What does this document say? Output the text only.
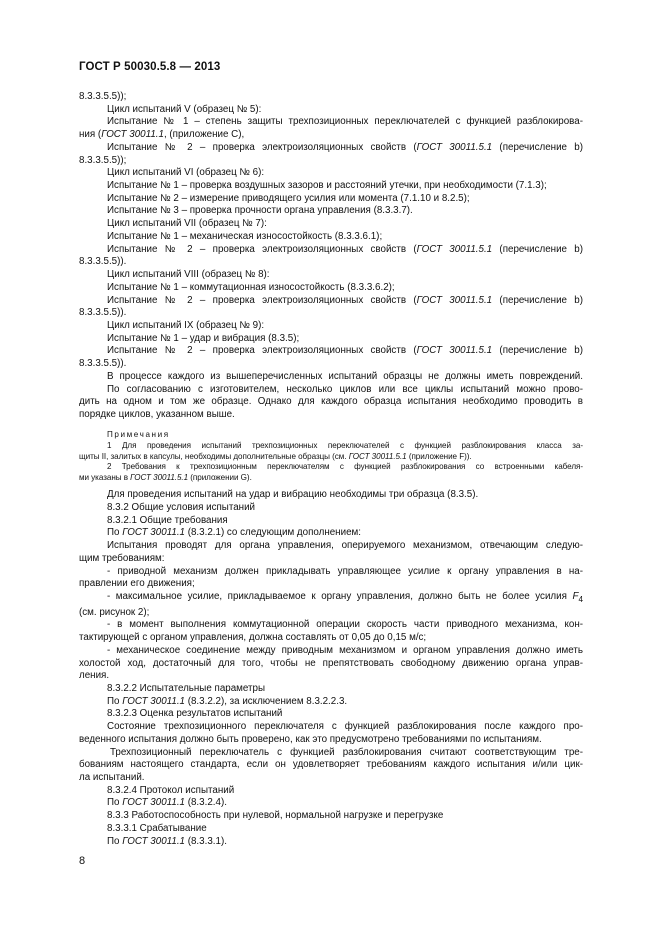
ГОСТ Р 50030.5.8 — 2013

8.3.3.5.5));

Цикл испытаний V (образец № 5):

Испытание № 1 – степень защиты трехпозиционных переключателей с функцией разблокирова-

ния (ГОСТ 30011.1, (приложение C),

Испытание № 2 – проверка электроизоляционных свойств (ГОСТ 30011.5.1 (перечисление b)

8.3.3.5.5));

Цикл испытаний VI (образец № 6):

Испытание № 1 – проверка воздушных зазоров и расстояний утечки, при необходимости (7.1.3);

Испытание № 2 – измерение приводящего усилия или момента (7.1.10 и 8.2.5);

Испытание № 3 – проверка прочности органа управления (8.3.3.7).

Цикл испытаний VII (образец № 7):

Испытание № 1 – механическая износостойкость (8.3.3.6.1);

Испытание № 2 – проверка электроизоляционных свойств (ГОСТ 30011.5.1 (перечисление b)

8.3.3.5.5)).

Цикл испытаний VIII (образец № 8):

Испытание № 1 – коммутационная износостойкость (8.3.3.6.2);

Испытание № 2 – проверка электроизоляционных свойств (ГОСТ 30011.5.1 (перечисление b)

8.3.3.5.5)).

Цикл испытаний IX (образец № 9):

Испытание № 1 – удар и вибрация (8.3.5);

Испытание № 2 – проверка электроизоляционных свойств (ГОСТ 30011.5.1 (перечисление b)

8.3.3.5.5)).

В процессе каждого из вышеперечисленных испытаний образцы не должны иметь повреждений.

По согласованию с изготовителем, несколько циклов или все циклы испытаний можно прово-

дить на одном и том же образце. Однако для каждого образца испытания необходимо проводить в

порядке циклов, указанном выше.

Примечания

1 Для проведения испытаний трехпозиционных переключателей с функцией разблокирования класса за-

щиты II, залитых в капсулы, необходимы дополнительные образцы (см. ГОСТ 30011.5.1 (приложение F)).

2 Требования к трехпозиционным переключателям с функцией разблокирования со встроенными кабеля-

ми указаны в ГОСТ 30011.5.1 (приложении G).

Для проведения испытаний на удар и вибрацию необходимы три образца (8.3.5).

8.3.2 Общие условия испытаний

8.3.2.1 Общие требования

По ГОСТ 30011.1 (8.3.2.1) со следующим дополнением:

Испытания проводят для органа управления, оперируемого механизмом, отвечающим следую-

щим требованиям:

- приводной механизм должен прикладывать управляющее усилие к органу управления в на-

правлении его движения;

- максимальное усилие, прикладываемое к органу управления, должно быть не более усилия $F_4$

(см. рисунок 2);

- в момент выполнения коммутационной операции скорость части приводного механизма, кон-

тактирующей с органом управления, должна составлять от 0,05 до 0,15 м/с;

- механическое соединение между приводным механизмом и органом управления должно иметь

холостой ход, достаточный для того, чтобы не препятствовать свободному движению органа управ-

ления.

8.3.2.2 Испытательные параметры

По ГОСТ 30011.1 (8.3.2.2), за исключением 8.3.2.2.3.

8.3.2.3 Оценка результатов испытаний

Состояние трехпозиционного переключателя с функцией разблокирования после каждого про-

веденного испытания должно быть проверено, как это предусмотрено требованиями по испытаниям.

Трехпозиционный переключатель с функцией разблокирования считают соответствующим тре-

бованиям настоящего стандарта, если он удовлетворяет требованиям каждого испытания и/или цик-

ла испытаний.

8.3.2.4 Протокол испытаний

По ГОСТ 30011.1 (8.3.2.4).

8.3.3 Работоспособность при нулевой, нормальной нагрузке и перегрузке

8.3.3.1 Срабатывание

По ГОСТ 30011.1 (8.3.3.1).

8
